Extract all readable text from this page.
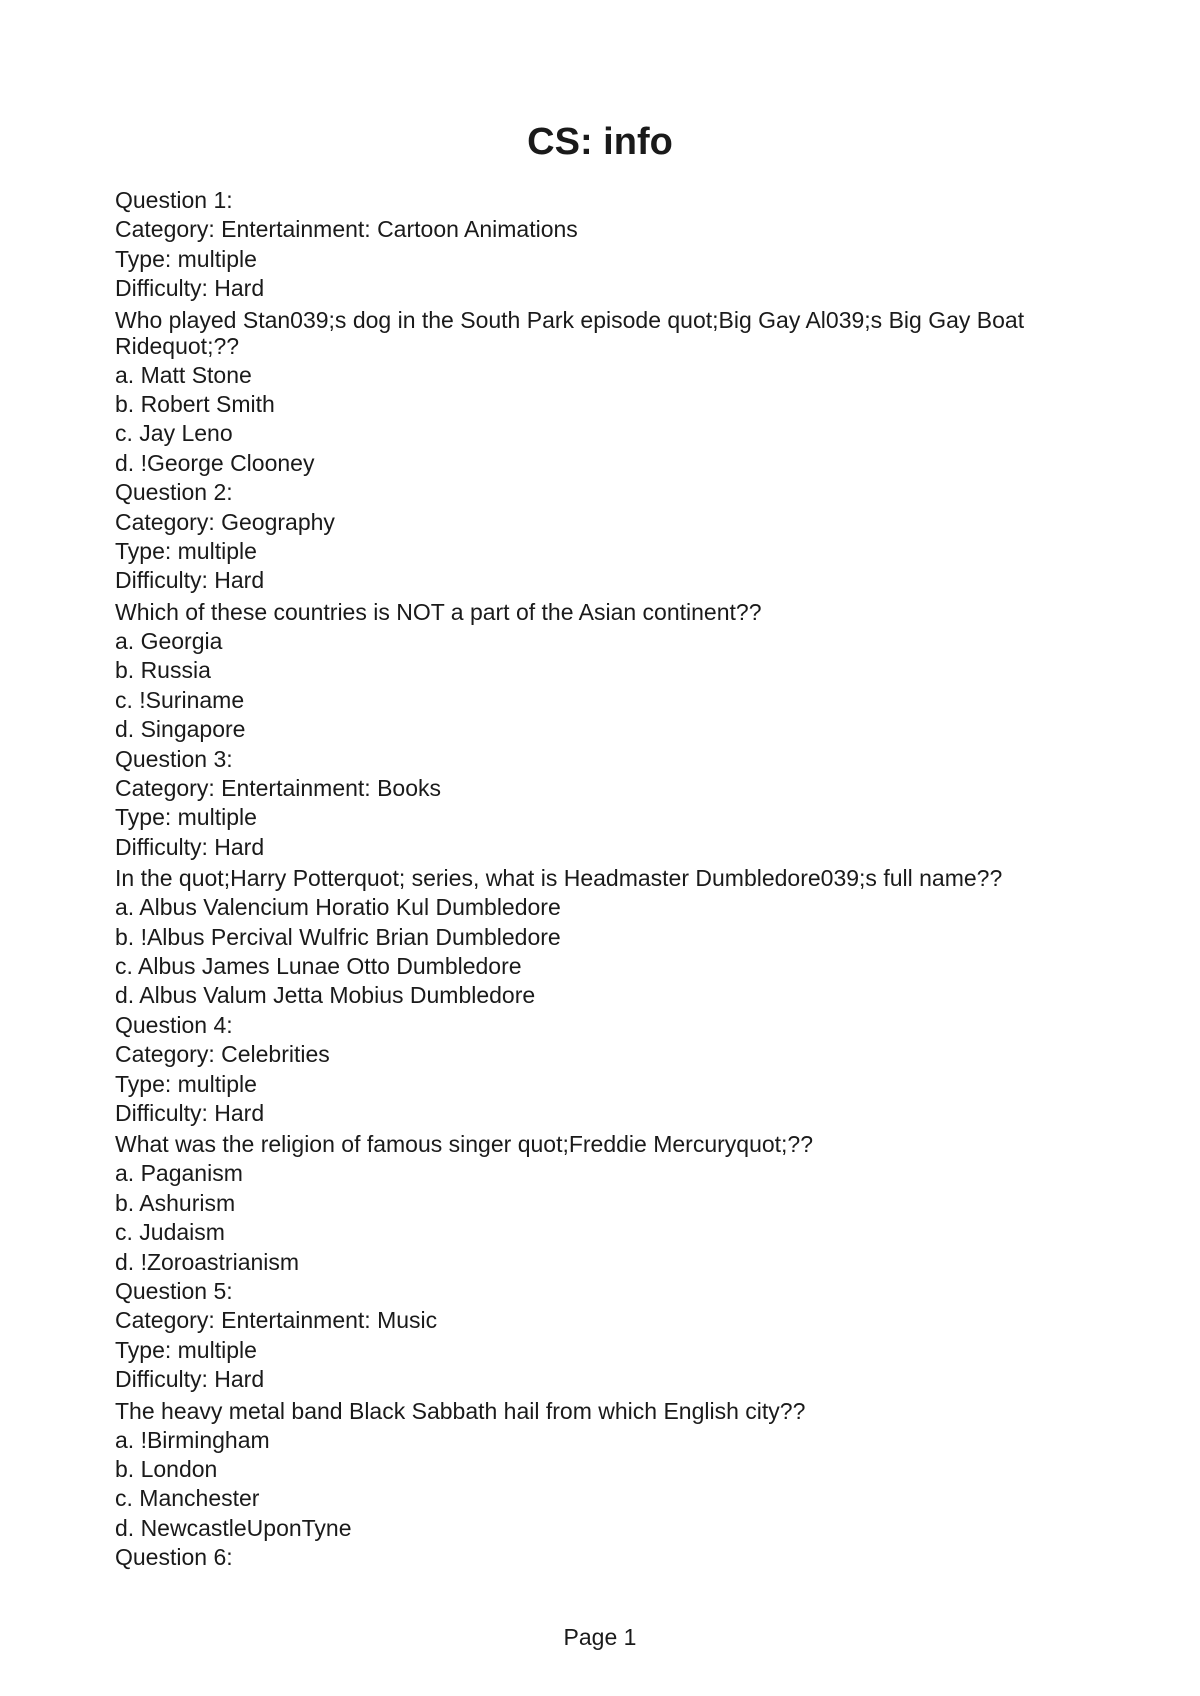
CS: info
Question 1:
Category: Entertainment: Cartoon Animations
Type: multiple
Difficulty: Hard
Who played Stan039;s dog in the South Park episode quot;Big Gay Al039;s Big Gay Boat Ridequot;??
a. Matt Stone
b. Robert Smith
c. Jay Leno
d. !George Clooney
Question 2:
Category: Geography
Type: multiple
Difficulty: Hard
Which of these countries is NOT a part of the Asian continent??
a. Georgia
b. Russia
c. !Suriname
d. Singapore
Question 3:
Category: Entertainment: Books
Type: multiple
Difficulty: Hard
In the quot;Harry Potterquot; series, what is Headmaster Dumbledore039;s full name??
a. Albus Valencium Horatio Kul Dumbledore
b. !Albus Percival Wulfric Brian Dumbledore
c. Albus James Lunae Otto Dumbledore
d. Albus Valum Jetta Mobius Dumbledore
Question 4:
Category: Celebrities
Type: multiple
Difficulty: Hard
What was the religion of famous singer quot;Freddie Mercuryquot;??
a. Paganism
b. Ashurism
c. Judaism
d. !Zoroastrianism
Question 5:
Category: Entertainment: Music
Type: multiple
Difficulty: Hard
The heavy metal band Black Sabbath hail from which English city??
a. !Birmingham
b. London
c. Manchester
d. NewcastleUponTyne
Question 6:
Page 1
